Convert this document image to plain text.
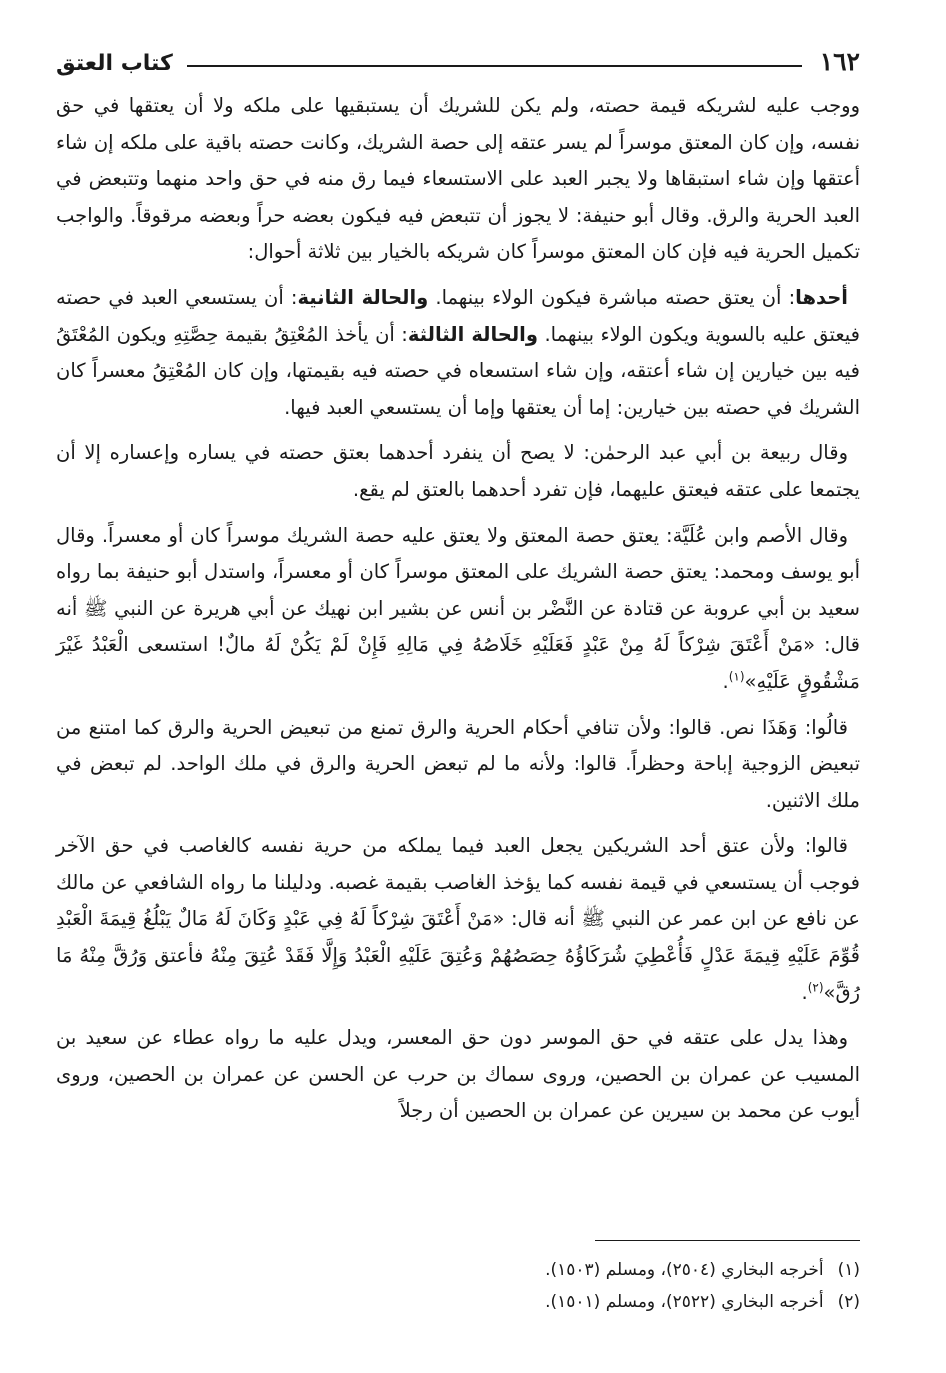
١٦٢
كتاب العتق

ووجب عليه لشريكه قيمة حصته، ولم يكن للشريك أن يستبقيها على ملكه ولا أن يعتقها في حق نفسه، وإن كان المعتق موسراً لم يسر عتقه إلى حصة الشريك، وكانت حصته باقية على ملكه إن شاء أعتقها وإن شاء استبقاها ولا يجبر العبد على الاستسعاء فيما رق منه في حق واحد منهما وتتبعض في العبد الحرية والرق. وقال أبو حنيفة: لا يجوز أن تتبعض فيه فيكون بعضه حراً وبعضه مرقوقاً. والواجب تكميل الحرية فيه فإن كان المعتق موسراً كان شريكه بالخيار بين ثلاثة أحوال:

أحدها: أن يعتق حصته مباشرة فيكون الولاء بينهما. والحالة الثانية: أن يستسعي العبد في حصته فيعتق عليه بالسوية ويكون الولاء بينهما. والحالة الثالثة: أن يأخذ المُعْتِقُ بقيمة حِصَّتِهِ ويكون المُعْتَقُ فيه بين خيارين إن شاء أعتقه، وإن شاء استسعاه في حصته فيه بقيمتها، وإن كان المُعْتِقُ معسراً كان الشريك في حصته بين خيارين: إما أن يعتقها وإما أن يستسعي العبد فيها.

وقال ربيعة بن أبي عبد الرحمٰن: لا يصح أن ينفرد أحدهما بعتق حصته في يساره وإعساره إلا أن يجتمعا على عتقه فيعتق عليهما، فإن تفرد أحدهما بالعتق لم يقع.

وقال الأصم وابن عُلَيَّة: يعتق حصة المعتق ولا يعتق عليه حصة الشريك موسراً كان أو معسراً. وقال أبو يوسف ومحمد: يعتق حصة الشريك على المعتق موسراً كان أو معسراً، واستدل أبو حنيفة بما رواه سعيد بن أبي عروبة عن قتادة عن النَّضْر بن أنس عن بشير ابن نهيك عن أبي هريرة عن النبي ﷺ أنه قال: «مَنْ أَعْتَقَ شِرْكاً لَهُ مِنْ عَبْدٍ فَعَلَيْهِ خَلَاصُهُ فِي مَالِهِ فَإِنْ لَمْ يَكُنْ لَهُ مالٌ! استسعى الْعَبْدُ غَيْرَ مَشْقُوقٍ عَلَيْهِ»$^{(١)}$.

قالُوا: وَهَذَا نص. قالوا: ولأن تنافي أحكام الحرية والرق تمنع من تبعيض الحرية والرق كما امتنع من تبعيض الزوجية إباحة وحظراً. قالوا: ولأنه ما لم تبعض الحرية والرق في ملك الواحد. لم تبعض في ملك الاثنين.

قالوا: ولأن عتق أحد الشريكين يجعل العبد فيما يملكه من حرية نفسه كالغاصب في حق الآخر فوجب أن يستسعي في قيمة نفسه كما يؤخذ الغاصب بقيمة غصبه. ودليلنا ما رواه الشافعي عن مالك عن نافع عن ابن عمر عن النبي ﷺ أنه قال: «مَنْ أَعْتَقَ شِرْكاً لَهُ فِي عَبْدٍ وَكَانَ لَهُ مَالٌ يَبْلُغُ قِيمَةَ الْعَبْدِ قُوِّمَ عَلَيْهِ قِيمَةَ عَدْلٍ فَأُعْطِيَ شُرَكَاؤُهُ حِصَصُهُمْ وَعُتِقَ عَلَيْهِ الْعَبْدُ وَإِلَّا فَقَدْ عُتِقَ مِنْهُ فأعتق وَرُقَّ مِنْهُ مَا رُقَّ»$^{(٢)}$.

وهذا يدل على عتقه في حق الموسر دون حق المعسر، ويدل عليه ما رواه عطاء عن سعيد بن المسيب عن عمران بن الحصين، وروى سماك بن حرب عن الحسن عن عمران بن الحصين، وروى أيوب عن محمد بن سيرين عن عمران بن الحصين أن رجلاً

(١)
أخرجه البخاري (٢٥٠٤)، ومسلم (١٥٠٣).
(٢)
أخرجه البخاري (٢٥٢٢)، ومسلم (١٥٠١).
